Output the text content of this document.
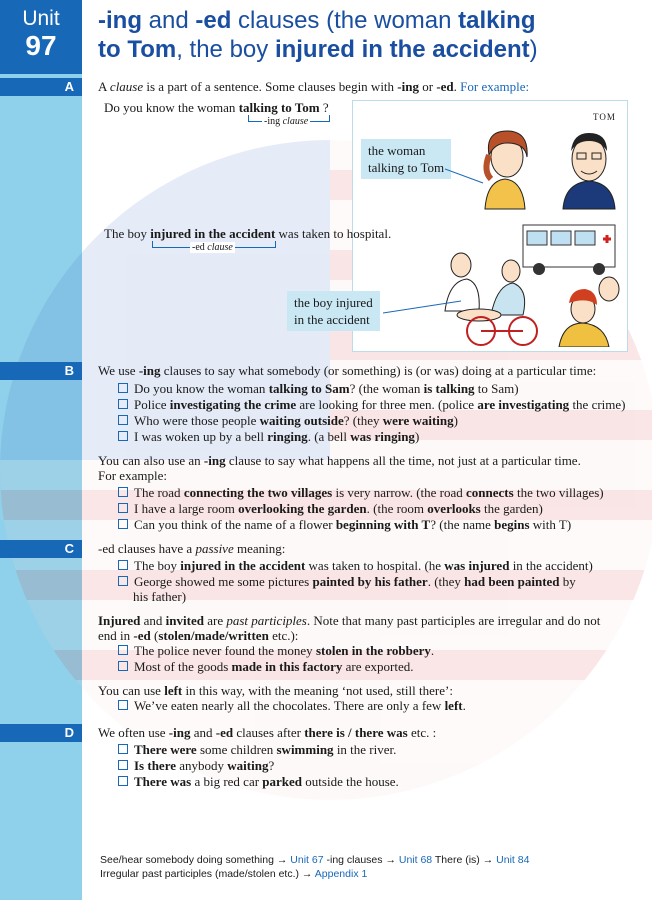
Unit
97
-ing and -ed clauses (the woman talking
to Tom, the boy injured in the accident)
A	A clause is a part of a sentence. Some clauses begin with -ing or -ed. For example:
Do you know the woman talking to Tom ?
-ing clause	TOM
the woman
talking to Tom
the boy injured
in the accident
The boy injured in the accident was taken to hospital.
-ed clause
B	We use -ing clauses to say what somebody (or something) is (or was) doing at a particular time:
Do you know the woman talking to Sam? (the woman is talking to Sam)
Police investigating the crime are looking for three men. (police are investigating the crime)
Who were those people waiting outside? (they were waiting)
I was woken up by a bell ringing. (a bell was ringing)
You can also use an -ing clause to say what happens all the time, not just at a particular time.
For example:
The road connecting the two villages is very narrow. (the road connects the two villages)
I have a large room overlooking the garden. (the room overlooks the garden)
Can you think of the name of a flower beginning with T? (the name begins with T)
C	-ed clauses have a passive meaning:
The boy injured in the accident was taken to hospital. (he was injured in the accident)
George showed me some pictures painted by his father. (they had been painted by
his father)
Injured and invited are past participles. Note that many past participles are irregular and do not
end in -ed (stolen/made/written etc.):
The police never found the money stolen in the robbery.
Most of the goods made in this factory are exported.
You can use left in this way, with the meaning ‘not used, still there’:
We’ve eaten nearly all the chocolates. There are only a few left.
D	We often use -ing and -ed clauses after there is / there was etc. :
There were some children swimming in the river.
Is there anybody waiting?
There was a big red car parked outside the house.
See/hear somebody doing something → Unit 67 -ing clauses → Unit 68 There (is) → Unit 84
Irregular past participles (made/stolen etc.) → Appendix 1
